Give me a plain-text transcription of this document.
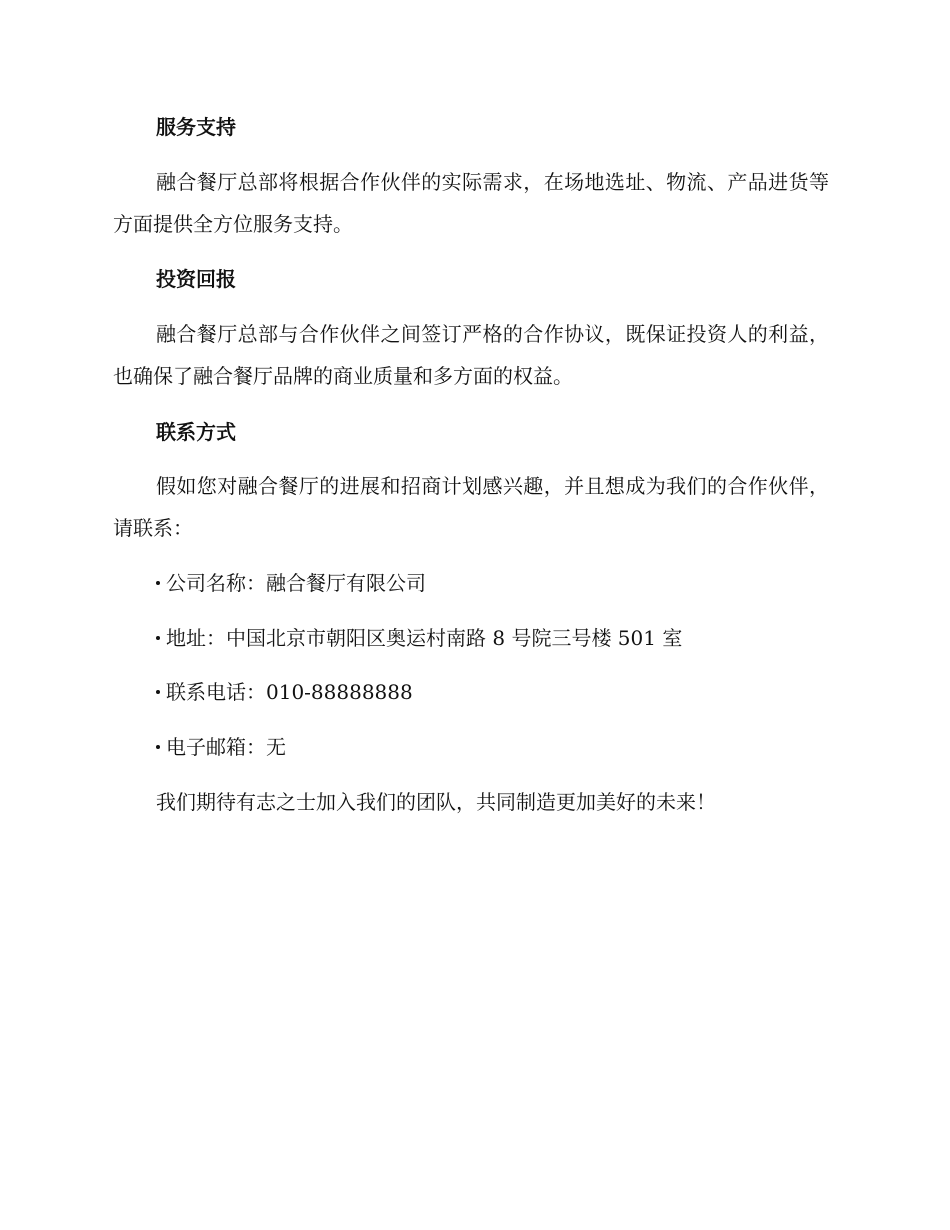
服务支持
融合餐厅总部将根据合作伙伴的实际需求，在场地选址、物流、产品进货等方面提供全方位服务支持。
投资回报
融合餐厅总部与合作伙伴之间签订严格的合作协议，既保证投资人的利益，也确保了融合餐厅品牌的商业质量和多方面的权益。
联系方式
假如您对融合餐厅的进展和招商计划感兴趣，并且想成为我们的合作伙伴，请联系：
公司名称：融合餐厅有限公司
地址：中国北京市朝阳区奥运村南路 8 号院三号楼 501 室
联系电话：010-88888888
电子邮箱：无
我们期待有志之士加入我们的团队，共同制造更加美好的未来！
